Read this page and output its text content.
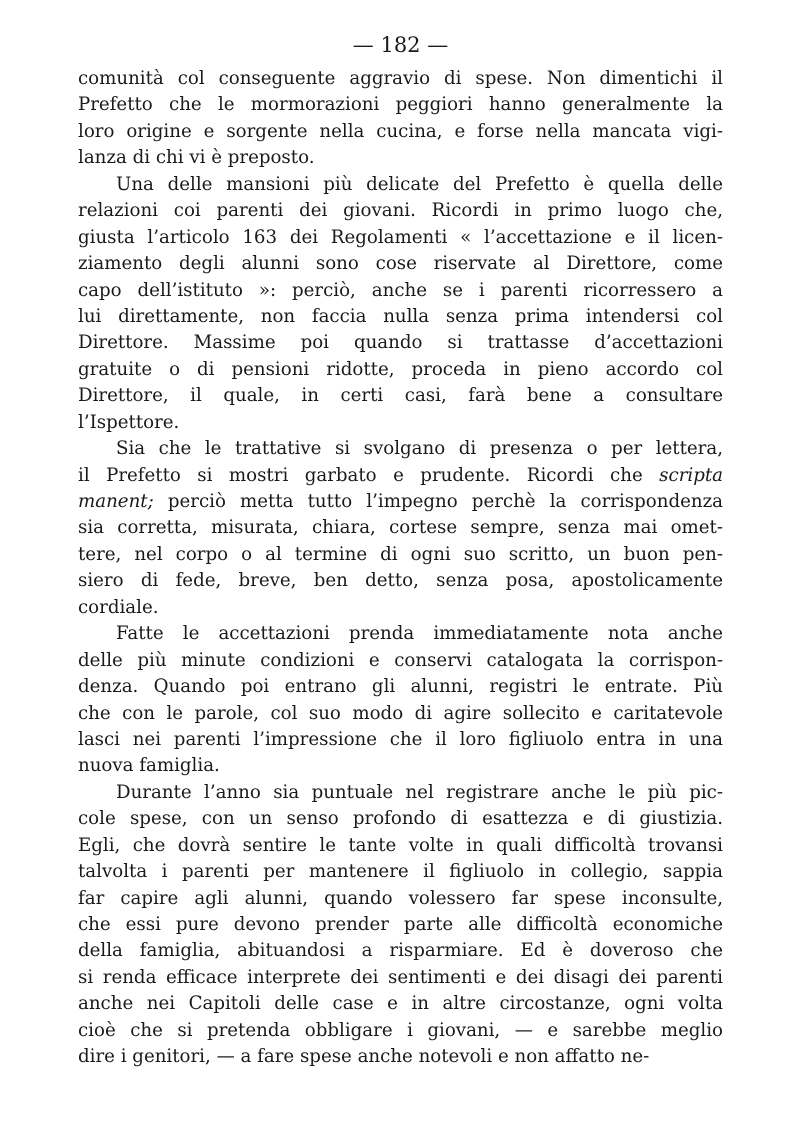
— 182 —
comunità col conseguente aggravio di spese. Non dimentichi il
Prefetto che le mormorazioni peggiori hanno generalmente la
loro origine e sorgente nella cucina, e forse nella mancata vigi-
lanza di chi vi è preposto.
Una delle mansioni più delicate del Prefetto è quella delle
relazioni coi parenti dei giovani. Ricordi in primo luogo che,
giusta l’articolo 163 dei Regolamenti « l’accettazione e il licen-
ziamento degli alunni sono cose riservate al Direttore, come
capo dell’istituto »: perciò, anche se i parenti ricorressero a
lui direttamente, non faccia nulla senza prima intendersi col
Direttore. Massime poi quando si trattasse d’accettazioni
gratuite o di pensioni ridotte, proceda in pieno accordo col
Direttore, il quale, in certi casi, farà bene a consultare
l’Ispettore.
Sia che le trattative si svolgano di presenza o per lettera,
il Prefetto si mostri garbato e prudente. Ricordi che scripta
manent; perciò metta tutto l’impegno perchè la corrispondenza
sia corretta, misurata, chiara, cortese sempre, senza mai omet-
tere, nel corpo o al termine di ogni suo scritto, un buon pen-
siero di fede, breve, ben detto, senza posa, apostolicamente
cordiale.
Fatte le accettazioni prenda immediatamente nota anche
delle più minute condizioni e conservi catalogata la corrispon-
denza. Quando poi entrano gli alunni, registri le entrate. Più
che con le parole, col suo modo di agire sollecito e caritatevole
lasci nei parenti l’impressione che il loro figliuolo entra in una
nuova famiglia.
Durante l’anno sia puntuale nel registrare anche le più pic-
cole spese, con un senso profondo di esattezza e di giustizia.
Egli, che dovrà sentire le tante volte in quali difficoltà trovansi
talvolta i parenti per mantenere il figliuolo in collegio, sappia
far capire agli alunni, quando volessero far spese inconsulte,
che essi pure devono prender parte alle difficoltà economiche
della famiglia, abituandosi a risparmiare. Ed è doveroso che
si renda efficace interprete dei sentimenti e dei disagi dei parenti
anche nei Capitoli delle case e in altre circostanze, ogni volta
cioè che si pretenda obbligare i giovani, — e sarebbe meglio
dire i genitori, — a fare spese anche notevoli e non affatto ne-
